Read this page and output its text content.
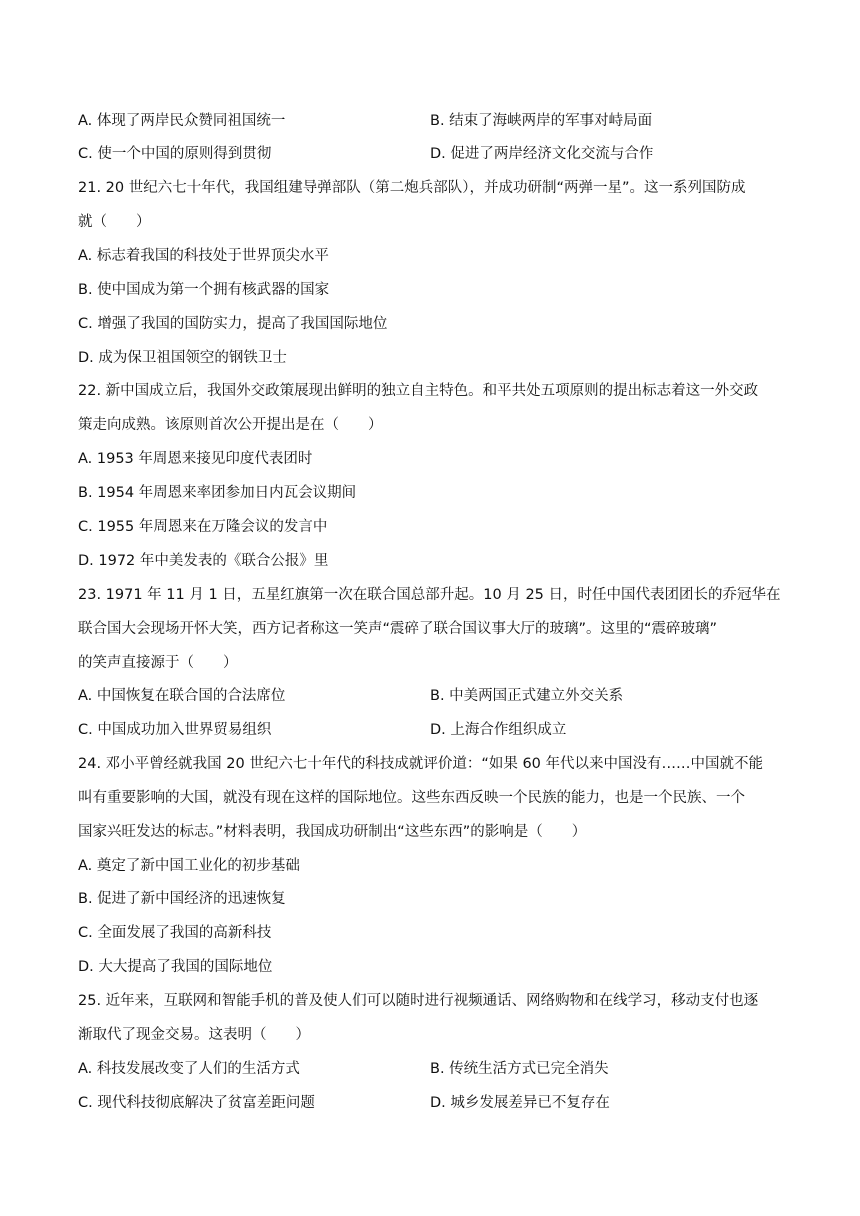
A. 体现了两岸民众赞同祖国统一	B. 结束了海峡两岸的军事对峙局面
C. 使一个中国的原则得到贯彻	D. 促进了两岸经济文化交流与合作
21. 20 世纪六七十年代，我国组建导弹部队（第二炮兵部队），并成功研制“两弹一星”。这一系列国防成
就（　　）
A. 标志着我国的科技处于世界顶尖水平
B. 使中国成为第一个拥有核武器的国家
C. 增强了我国的国防实力，提高了我国国际地位
D. 成为保卫祖国领空的钢铁卫士
22. 新中国成立后，我国外交政策展现出鲜明的独立自主特色。和平共处五项原则的提出标志着这一外交政
策走向成熟。该原则首次公开提出是在（　　）
A. 1953 年周恩来接见印度代表团时
B. 1954 年周恩来率团参加日内瓦会议期间
C. 1955 年周恩来在万隆会议的发言中
D. 1972 年中美发表的《联合公报》里
23. 1971 年 11 月 1 日，五星红旗第一次在联合国总部升起。10 月 25 日，时任中国代表团团长的乔冠华在
联合国大会现场开怀大笑，西方记者称这一笑声“震碎了联合国议事大厅的玻璃”。这里的“震碎玻璃”
的笑声直接源于（　　）
A. 中国恢复在联合国的合法席位	B. 中美两国正式建立外交关系
C. 中国成功加入世界贸易组织	D. 上海合作组织成立
24. 邓小平曾经就我国 20 世纪六七十年代的科技成就评价道：“如果 60 年代以来中国没有……中国就不能
叫有重要影响的大国，就没有现在这样的国际地位。这些东西反映一个民族的能力，也是一个民族、一个
国家兴旺发达的标志。”材料表明，我国成功研制出“这些东西”的影响是（　　）
A. 奠定了新中国工业化的初步基础
B. 促进了新中国经济的迅速恢复
C. 全面发展了我国的高新科技
D. 大大提高了我国的国际地位
25. 近年来，互联网和智能手机的普及使人们可以随时进行视频通话、网络购物和在线学习，移动支付也逐
渐取代了现金交易。这表明（　　）
A. 科技发展改变了人们的生活方式	B. 传统生活方式已完全消失
C. 现代科技彻底解决了贫富差距问题	D. 城乡发展差异已不复存在
